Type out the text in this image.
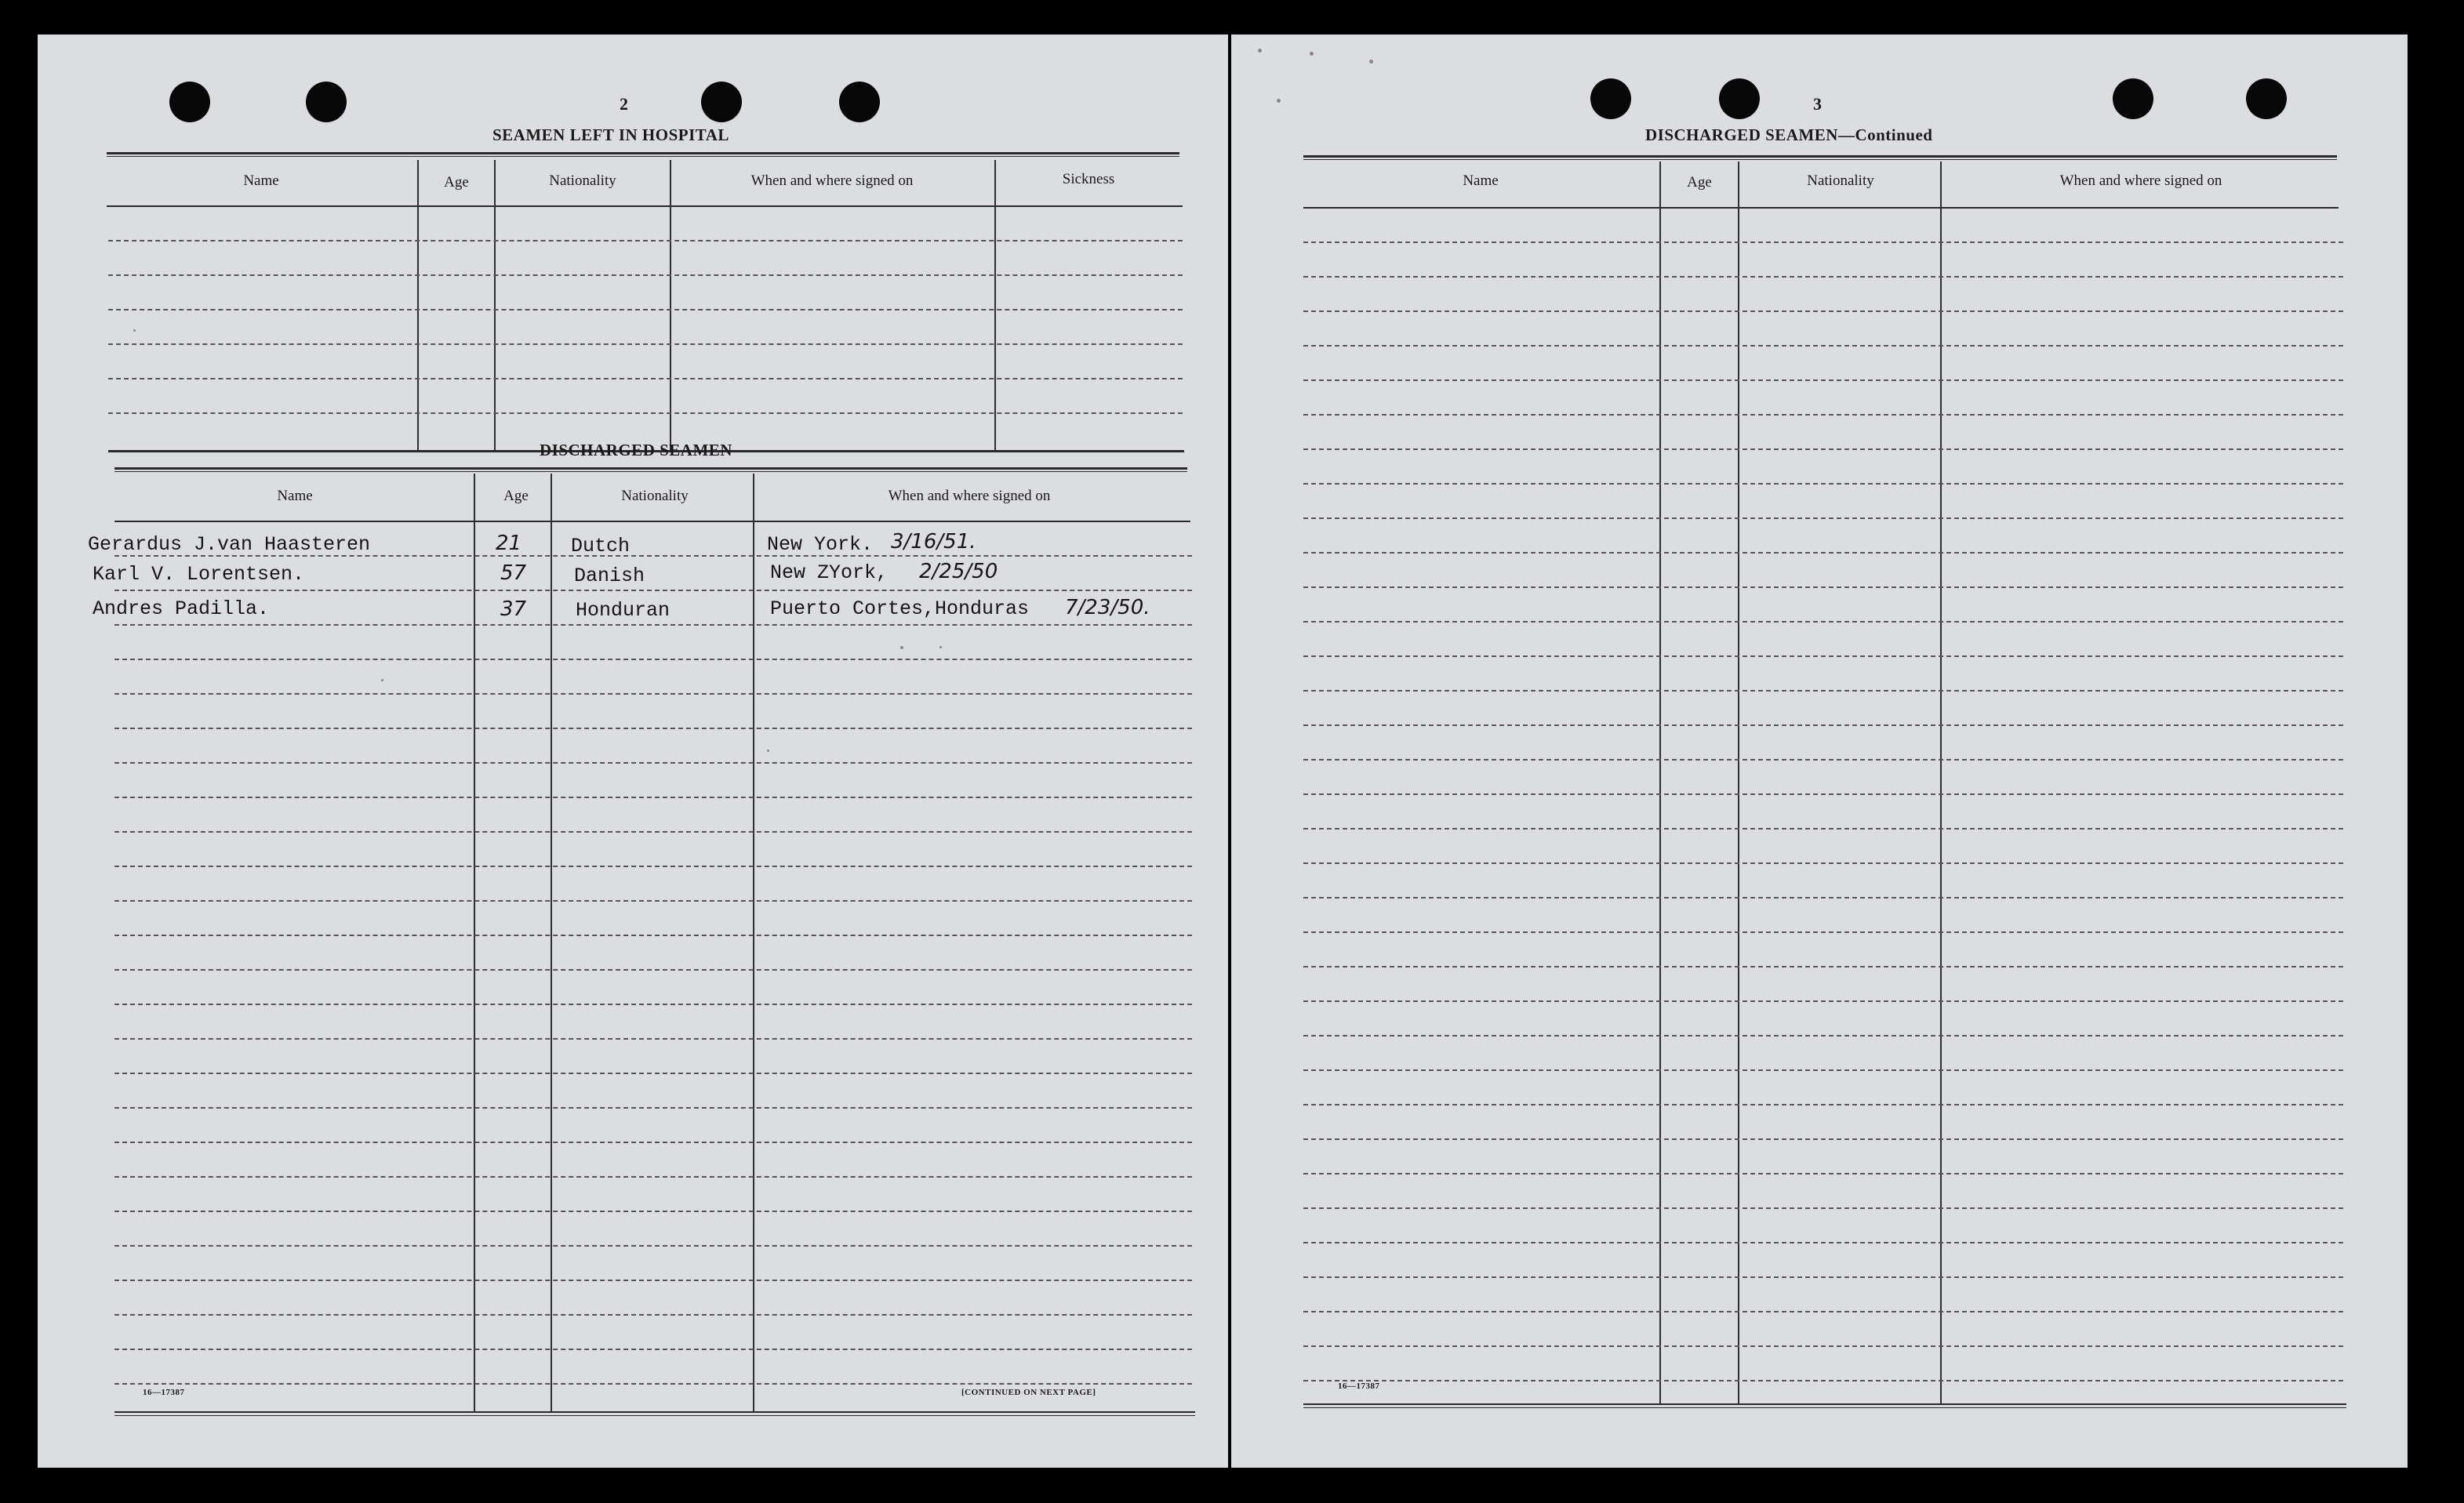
2
SEAMEN LEFT IN HOSPITAL
Name	Age	Nationality	When and where signed on	Sickness
DISCHARGED SEAMEN
Name	Age	Nationality	When and where signed on
Gerardus J.van Haasteren	21	Dutch	New York. 3/16/51.
Karl V. Lorentsen.	57 Danish	New ZYork, 2/25/50
Andres Padilla.	37	Honduran	Puerto Cortes,Honduras 7/23/50.
16—17387	[CONTINUED ON NEXT PAGE]
3
DISCHARGED SEAMEN—Continued
Name	Age	Nationality	When and where signed on
16—17387
